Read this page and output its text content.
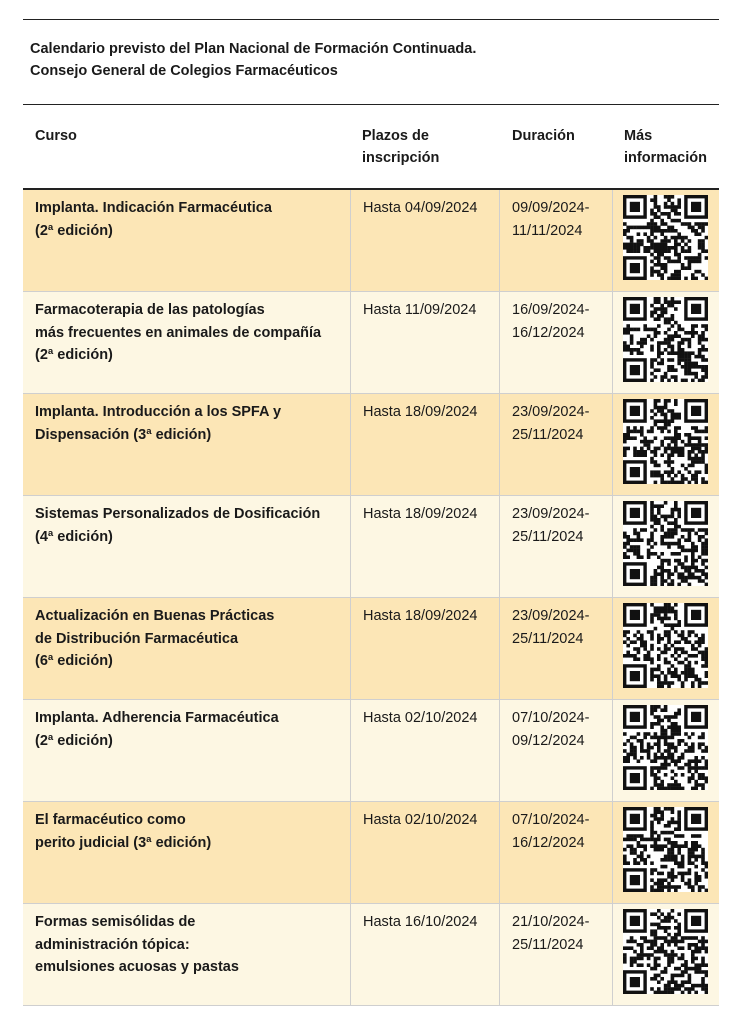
Calendario previsto del Plan Nacional de Formación Continuada.
Consejo General de Colegios Farmacéuticos
Curso	Plazos de
inscripción
Duración	Más
información
Implanta. Indicación Farmacéutica
(2ª edición)
Hasta 04/09/2024 09/09/2024-
11/11/2024
Farmacoterapia de las patologías
más frecuentes en animales de compañía
(2ª edición)
Hasta 11/09/2024 16/09/2024-
16/12/2024
Implanta. Introducción a los SPFA y
Dispensación (3ª edición)
Hasta 18/09/2024 23/09/2024-
25/11/2024
Sistemas Personalizados de Dosificación
(4ª edición)
Hasta 18/09/2024 23/09/2024-
25/11/2024
Actualización en Buenas Prácticas
de Distribución Farmacéutica
(6ª edición)
Hasta 18/09/2024 23/09/2024-
25/11/2024
Implanta. Adherencia Farmacéutica
(2ª edición)
Hasta 02/10/2024 07/10/2024-
09/12/2024
El farmacéutico como
perito judicial (3ª edición)
Hasta 02/10/2024 07/10/2024-
16/12/2024
Formas semisólidas de
administración tópica:
emulsiones acuosas y pastas
Hasta 16/10/2024 21/10/2024-
25/11/2024
